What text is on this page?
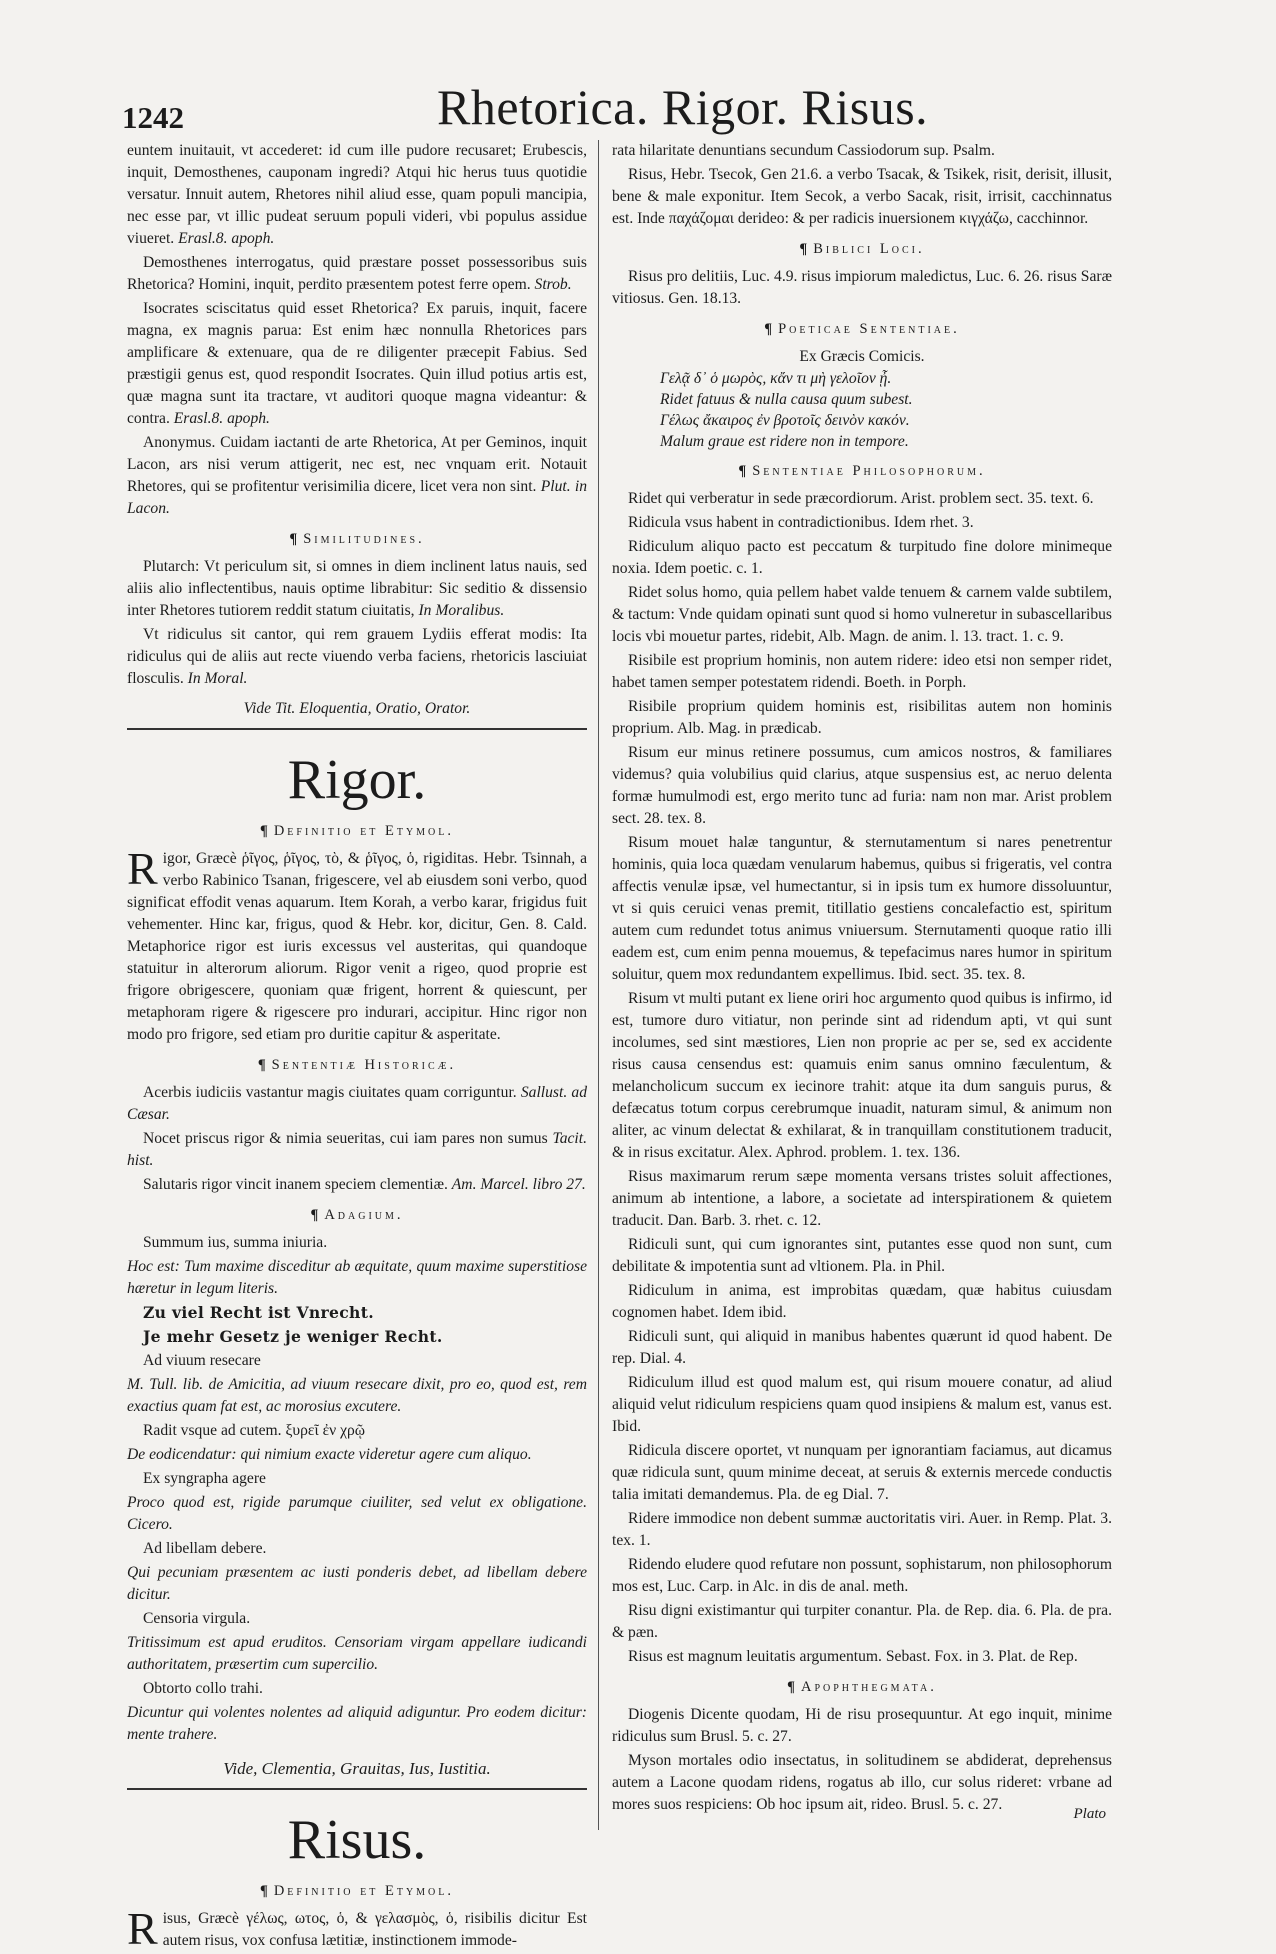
1242	Rhetorica. Rigor. Risus.

euntem inuitauit, vt accederet: id cum ille pudore recusaret; Erubescis, inquit, Demosthenes, cauponam ingredi? Atqui hic herus tuus quotidie versatur. Innuit autem, Rhetores nihil aliud esse, quam populi mancipia, nec esse par, vt illic pudeat seruum populi videri, vbi populus assidue viueret. Erasl.8. apoph.

Demosthenes interrogatus, quid præstare posset possessoribus suis Rhetorica? Homini, inquit, perdito præsentem potest ferre opem. Strob.

Isocrates sciscitatus quid esset Rhetorica? Ex paruis, inquit, facere magna, ex magnis parua: Est enim hæc nonnulla Rhetorices pars amplificare & extenuare, qua de re diligenter præcepit Fabius. Sed præstigii genus est, quod respondit Isocrates. Quin illud potius artis est, quæ magna sunt ita tractare, vt auditori quoque magna videantur: & contra. Erasl.8. apoph.

Anonymus. Cuidam iactanti de arte Rhetorica, At per Geminos, inquit Lacon, ars nisi verum attigerit, nec est, nec vnquam erit. Notauit Rhetores, qui se profitentur verisimilia dicere, licet vera non sint. Plut. in Lacon.

¶ Similitudines.

Plutarch: Vt periculum sit, si omnes in diem inclinent latus nauis, sed aliis alio inflectentibus, nauis optime librabitur: Sic seditio & dissensio inter Rhetores tutiorem reddit statum ciuitatis, In Moralibus.

Vt ridiculus sit cantor, qui rem grauem Lydiis efferat modis: Ita ridiculus qui de aliis aut recte viuendo verba faciens, rhetoricis lasciuiat flosculis. In Moral.

Vide Tit. Eloquentia, Oratio, Orator.
Rigor.
¶ Definitio et Etymol.

Rigor, Græcè ῥῖγος, ῥῖγος, τὸ, & ῥῖγος, ὁ, rigiditas. Hebr. Tsinnah, a verbo Rabinico Tsanan, frigescere, vel ab eiusdem soni verbo, quod significat effodit venas aquarum. Item Korah, a verbo karar, frigidus fuit vehementer. Hinc kar, frigus, quod & Hebr. kor, dicitur, Gen. 8. Cald. Metaphorice rigor est iuris excessus vel austeritas, qui quandoque statuitur in alterorum aliorum. Rigor venit a rigeo, quod proprie est frigore obrigescere, quoniam quæ frigent, horrent & quiescunt, per metaphoram rigere & rigescere pro indurari, accipitur. Hinc rigor non modo pro frigore, sed etiam pro duritie capitur & asperitate.

¶ Sententiæ Historicæ.

Acerbis iudiciis vastantur magis ciuitates quam corriguntur. Sallust. ad Cæsar.

Nocet priscus rigor & nimia seueritas, cui iam pares non sumus Tacit. hist.

Salutaris rigor vincit inanem speciem clementiæ. Am. Marcel. libro 27.

¶ Adagium.

Summum ius, summa iniuria.

Hoc est: Tum maxime disceditur ab æquitate, quum maxime superstitiose hæretur in legum literis.

Zu viel Recht ist Vnrecht.

Je mehr Gesetz je weniger Recht.

Ad viuum resecare

M. Tull. lib. de Amicitia, ad viuum resecare dixit, pro eo, quod est, rem exactius quam fat est, ac morosius excutere.

Radit vsque ad cutem. ξυρεῖ ἐν χρῷ

De eodicendatur: qui nimium exacte videretur agere cum aliquo.

Ex syngrapha agere

Proco quod est, rigide parumque ciuiliter, sed velut ex obligatione. Cicero.

Ad libellam debere.

Qui pecuniam præsentem ac iusti ponderis debet, ad libellam debere dicitur.

Censoria virgula.

Tritissimum est apud eruditos. Censoriam virgam appellare iudicandi authoritatem, præsertim cum supercilio.

Obtorto collo trahi.

Dicuntur qui volentes nolentes ad aliquid adiguntur. Pro eodem dicitur: mente trahere.

Vide, Clementia, Grauitas, Ius, Iustitia.
Risus.
¶ Definitio et Etymol.

Risus, Græcè γέλως, ωτος, ὁ, & γελασμὸς, ὁ, risibilis dicitur Est autem risus, vox confusa lætitiæ, instinctionem immode-

rata hilaritate denuntians secundum Cassiodorum sup. Psalm.

Risus, Hebr. Tsecok, Gen 21.6. a verbo Tsacak, & Tsikek, risit, derisit, illusit, bene & male exponitur. Item Secok, a verbo Sacak, risit, irrisit, cacchinnatus est. Inde παχάζομαι derideo: & per radicis inuersionem κιγχάζω, cacchinnor.

¶ Biblici Loci.

Risus pro delitiis, Luc. 4.9. risus impiorum maledictus, Luc. 6. 26. risus Saræ vitiosus. Gen. 18.13.

¶ Poeticae Sententiae.
Ex Græcis Comicis.
Γελᾷ δ᾽ ὁ μωρὸς, κἄν τι μὴ γελοῖον ᾖ.
Ridet fatuus & nulla causa quum subest.
Γέλως ἄκαιρος ἐν βροτοῖς δεινὸν κακόν.
Malum graue est ridere non in tempore.
¶ Sententiae Philosophorum.

Ridet qui verberatur in sede præcordiorum. Arist. problem sect. 35. text. 6.

Ridicula vsus habent in contradictionibus. Idem rhet. 3.

Ridiculum aliquo pacto est peccatum & turpitudo fine dolore minimeque noxia. Idem poetic. c. 1.

Ridet solus homo, quia pellem habet valde tenuem & carnem valde subtilem, & tactum: Vnde quidam opinati sunt quod si homo vulneretur in subascellaribus locis vbi mouetur partes, ridebit, Alb. Magn. de anim. l. 13. tract. 1. c. 9.

Risibile est proprium hominis, non autem ridere: ideo etsi non semper ridet, habet tamen semper potestatem ridendi. Boeth. in Porph.

Risibile proprium quidem hominis est, risibilitas autem non hominis proprium. Alb. Mag. in prædicab.

Risum eur minus retinere possumus, cum amicos nostros, & familiares videmus? quia volubilius quid clarius, atque suspensius est, ac neruo delenta formæ humulmodi est, ergo merito tunc ad furia: nam non mar. Arist problem sect. 28. tex. 8.

Risum mouet halæ tanguntur, & sternutamentum si nares penetrentur hominis, quia loca quædam venularum habemus, quibus si frigeratis, vel contra affectis venulæ ipsæ, vel humectantur, si in ipsis tum ex humore dissoluuntur, vt si quis ceruici venas premit, titillatio gestiens concalefactio est, spiritum autem cum redundet totus animus vniuersum. Sternutamenti quoque ratio illi eadem est, cum enim penna mouemus, & tepefacimus nares humor in spiritum soluitur, quem mox redundantem expellimus. Ibid. sect. 35. tex. 8.

Risum vt multi putant ex liene oriri hoc argumento quod quibus is infirmo, id est, tumore duro vitiatur, non perinde sint ad ridendum apti, vt qui sunt incolumes, sed sint mæstiores, Lien non proprie ac per se, sed ex accidente risus causa censendus est: quamuis enim sanus omnino fæculentum, & melancholicum succum ex iecinore trahit: atque ita dum sanguis purus, & defæcatus totum corpus cerebrumque inuadit, naturam simul, & animum non aliter, ac vinum delectat & exhilarat, & in tranquillam constitutionem traducit, & in risus excitatur. Alex. Aphrod. problem. 1. tex. 136.

Risus maximarum rerum sæpe momenta versans tristes soluit affectiones, animum ab intentione, a labore, a societate ad interspirationem & quietem traducit. Dan. Barb. 3. rhet. c. 12.

Ridiculi sunt, qui cum ignorantes sint, putantes esse quod non sunt, cum debilitate & impotentia sunt ad vltionem. Pla. in Phil.

Ridiculum in anima, est improbitas quædam, quæ habitus cuiusdam cognomen habet. Idem ibid.

Ridiculi sunt, qui aliquid in manibus habentes quærunt id quod habent. De rep. Dial. 4.

Ridiculum illud est quod malum est, qui risum mouere conatur, ad aliud aliquid velut ridiculum respiciens quam quod insipiens & malum est, vanus est. Ibid.

Ridicula discere oportet, vt nunquam per ignorantiam faciamus, aut dicamus quæ ridicula sunt, quum minime deceat, at seruis & externis mercede conductis talia imitati demandemus. Pla. de eg Dial. 7.

Ridere immodice non debent summæ auctoritatis viri. Auer. in Remp. Plat. 3. tex. 1.

Ridendo eludere quod refutare non possunt, sophistarum, non philosophorum mos est, Luc. Carp. in Alc. in dis de anal. meth.

Risu digni existimantur qui turpiter conantur. Pla. de Rep. dia. 6. Pla. de pra. & pæn.

Risus est magnum leuitatis argumentum. Sebast. Fox. in 3. Plat. de Rep.

¶ Apophthegmata.

Diogenis Dicente quodam, Hi de risu prosequuntur. At ego inquit, minime ridiculus sum Brusl. 5. c. 27.

Myson mortales odio insectatus, in solitudinem se abdiderat, deprehensus autem a Lacone quodam ridens, rogatus ab illo, cur solus rideret: vrbane ad mores suos respiciens: Ob hoc ipsum ait, rideo. Brusl. 5. c. 27.

Plato
